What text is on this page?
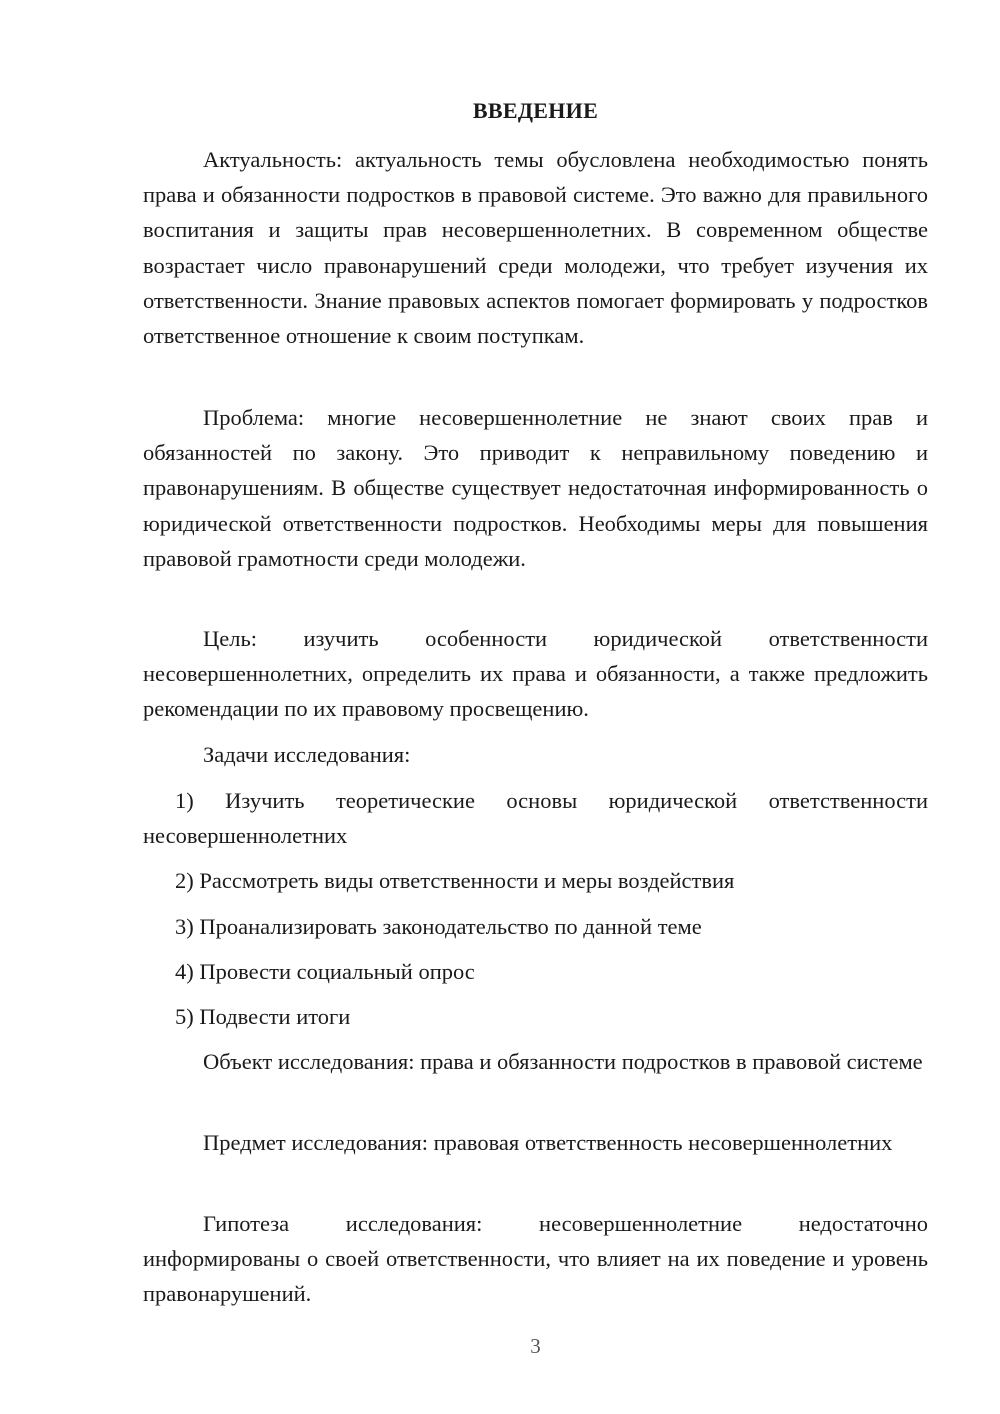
ВВЕДЕНИЕ

Актуальность: актуальность темы обусловлена необходимостью понять права и обязанности подростков в правовой системе. Это важно для правильного воспитания и защиты прав несовершеннолетних. В современном обществе возрастает число правонарушений среди молодежи, что требует изучения их ответственности. Знание правовых аспектов помогает формировать у подростков ответственное отношение к своим поступкам.

Проблема: многие несовершеннолетние не знают своих прав и обязанностей по закону. Это приводит к неправильному поведению и правонарушениям. В обществе существует недостаточная информированность о юридической ответственности подростков. Необходимы меры для повышения правовой грамотности среди молодежи.

Цель: изучить особенности юридической ответственности несовершеннолетних, определить их права и обязанности, а также предложить рекомендации по их правовому просвещению.

Задачи исследования:

1) Изучить теоретические основы юридической ответственности несовершеннолетних

2) Рассмотреть виды ответственности и меры воздействия

3) Проанализировать законодательство по данной теме

4) Провести социальный опрос

5) Подвести итоги

Объект исследования: права и обязанности подростков в правовой системе

Предмет исследования: правовая ответственность несовершеннолетних

Гипотеза исследования: несовершеннолетние недостаточно информированы о своей ответственности, что влияет на их поведение и уровень правонарушений.

3
